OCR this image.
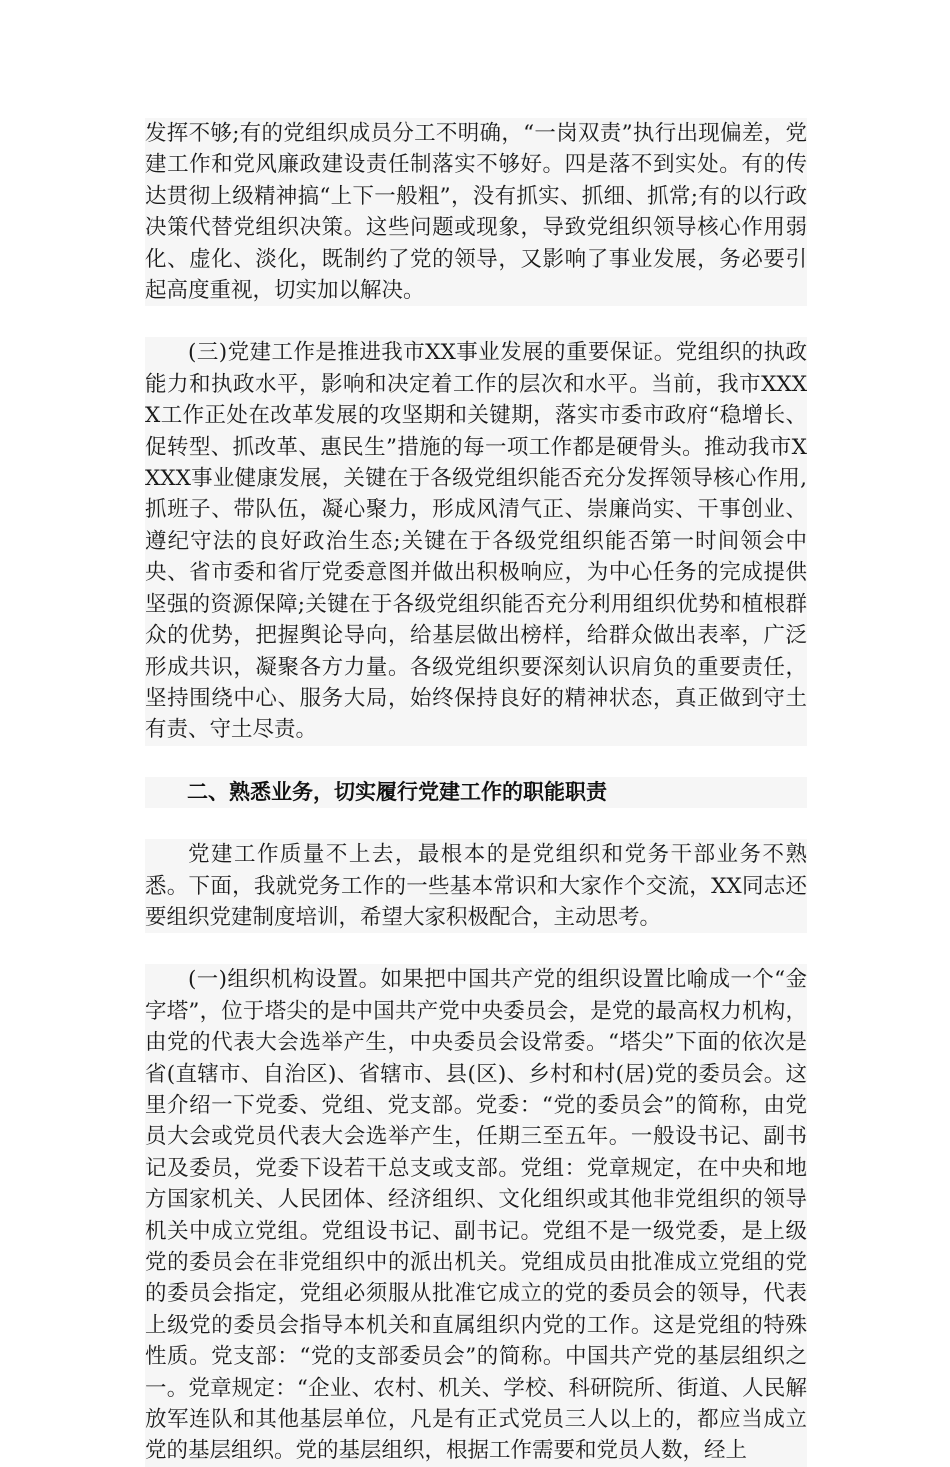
发挥不够;有的党组织成员分工不明确，“一岗双责”执行出现偏差，党建工作和党风廉政建设责任制落实不够好。四是落不到实处。有的传达贯彻上级精神搞“上下一般粗”，没有抓实、抓细、抓常;有的以行政决策代替党组织决策。这些问题或现象，导致党组织领导核心作用弱化、虚化、淡化，既制约了党的领导，又影响了事业发展，务必要引起高度重视，切实加以解决。

(三)党建工作是推进我市XX事业发展的重要保证。党组织的执政能力和执政水平，影响和决定着工作的层次和水平。当前，我市XXXX工作正处在改革发展的攻坚期和关键期，落实市委市政府“稳增长、促转型、抓改革、惠民生”措施的每一项工作都是硬骨头。推动我市XXXX事业健康发展，关键在于各级党组织能否充分发挥领导核心作用,抓班子、带队伍，凝心聚力，形成风清气正、崇廉尚实、干事创业、遵纪守法的良好政治生态;关键在于各级党组织能否第一时间领会中央、省市委和省厅党委意图并做出积极响应，为中心任务的完成提供坚强的资源保障;关键在于各级党组织能否充分利用组织优势和植根群众的优势，把握舆论导向，给基层做出榜样，给群众做出表率，广泛形成共识，凝聚各方力量。各级党组织要深刻认识肩负的重要责任，坚持围绕中心、服务大局，始终保持良好的精神状态，真正做到守土有责、守土尽责。

二、熟悉业务，切实履行党建工作的职能职责

党建工作质量不上去，最根本的是党组织和党务干部业务不熟悉。下面，我就党务工作的一些基本常识和大家作个交流，XX同志还要组织党建制度培训，希望大家积极配合，主动思考。

(一)组织机构设置。如果把中国共产党的组织设置比喻成一个“金字塔”，位于塔尖的是中国共产党中央委员会，是党的最高权力机构，由党的代表大会选举产生，中央委员会设常委。“塔尖”下面的依次是省(直辖市、自治区)、省辖市、县(区)、乡村和村(居)党的委员会。这里介绍一下党委、党组、党支部。党委：“党的委员会”的简称，由党员大会或党员代表大会选举产生，任期三至五年。一般设书记、副书记及委员，党委下设若干总支或支部。党组：党章规定，在中央和地方国家机关、人民团体、经济组织、文化组织或其他非党组织的领导机关中成立党组。党组设书记、副书记。党组不是一级党委，是上级党的委员会在非党组织中的派出机关。党组成员由批准成立党组的党的委员会指定，党组必须服从批准它成立的党的委员会的领导，代表上级党的委员会指导本机关和直属组织内党的工作。这是党组的特殊性质。党支部：“党的支部委员会”的简称。中国共产党的基层组织之一。党章规定：“企业、农村、机关、学校、科研院所、街道、人民解放军连队和其他基层单位，凡是有正式党员三人以上的，都应当成立党的基层组织。党的基层组织，根据工作需要和党员人数，经上
